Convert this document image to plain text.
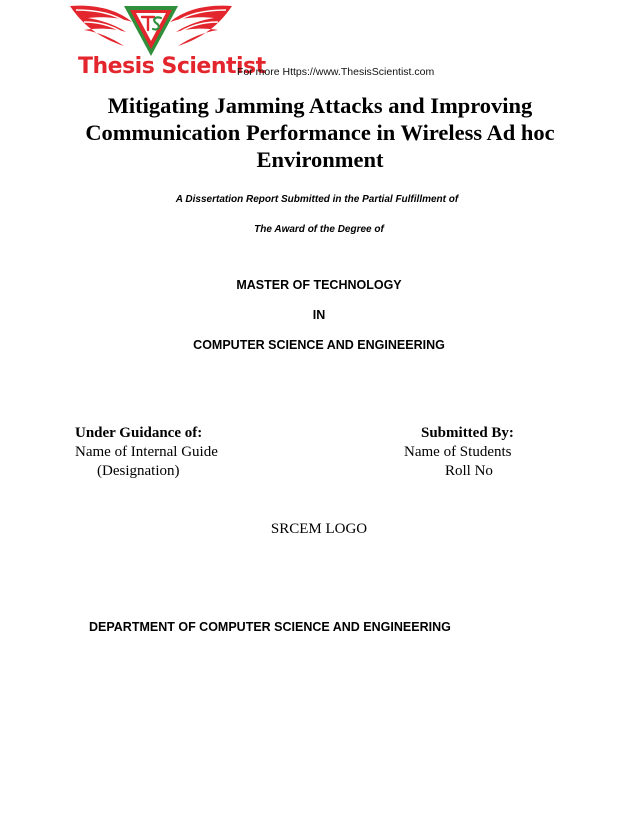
Thesis Scientist
For more Https://www.ThesisScientist.com
Mitigating Jamming Attacks and Improving
Communication Performance in Wireless Ad hoc
Environment
A Dissertation Report Submitted in the Partial Fulfillment of
The Award of the Degree of
MASTER OF TECHNOLOGY
IN
COMPUTER SCIENCE AND ENGINEERING
Under Guidance of:
Name of Internal Guide
(Designation)
Submitted By:
Name of Students
Roll No
SRCEM LOGO
DEPARTMENT OF COMPUTER SCIENCE AND ENGINEERING
